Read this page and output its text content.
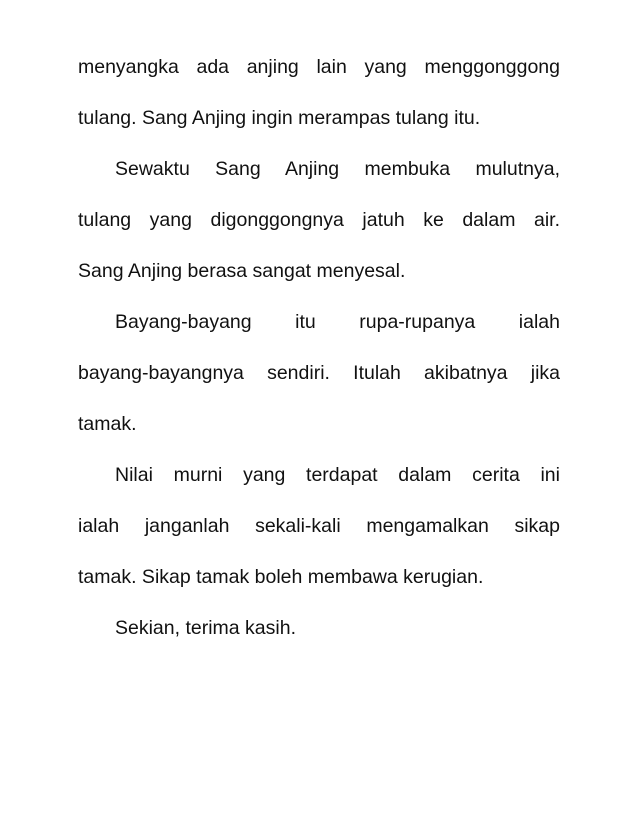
menyangka ada anjing lain yang menggonggong
tulang. Sang Anjing ingin merampas tulang itu.
Sewaktu Sang Anjing membuka mulutnya,
tulang yang digonggongnya jatuh ke dalam air.
Sang Anjing berasa sangat menyesal.
Bayang-bayang itu rupa-rupanya ialah
bayang-bayangnya sendiri. Itulah akibatnya jika
tamak.
Nilai murni yang terdapat dalam cerita ini
ialah janganlah sekali-kali mengamalkan sikap
tamak. Sikap tamak boleh membawa kerugian.
Sekian, terima kasih.
